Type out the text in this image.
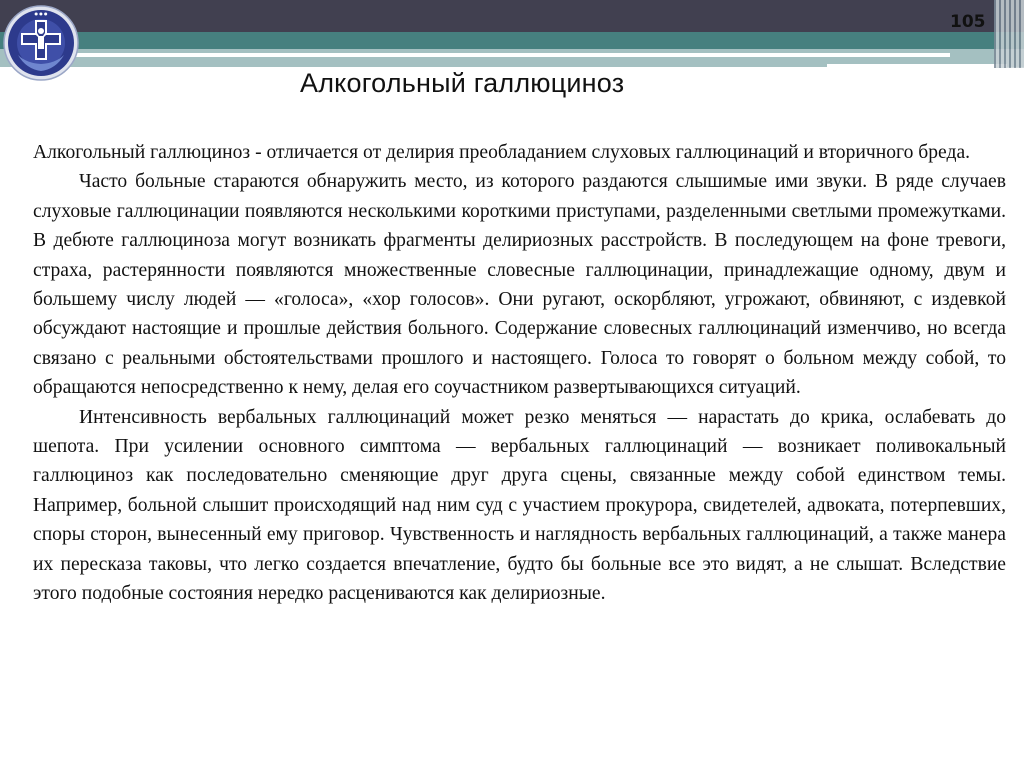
105
● ● ●
Алкогольный галлюциноз

Алкогольный галлюциноз - отличается от делирия преобладанием слуховых галлюцинаций и вторичного бреда.

Часто больные стараются обнаружить место, из которого раздаются слышимые ими звуки. В ряде случаев слуховые галлюцинации появляются несколькими короткими приступами, разделенными светлыми промежутками. В дебюте галлюциноза могут возникать фрагменты делириозных расстройств. В последующем на фоне тревоги, страха, растерянности появляются множественные словесные галлюцинации, принадлежащие одному, двум и большему числу людей — «голоса», «хор голосов». Они ругают, оскорбляют, угрожают, обвиняют, с издевкой обсуждают настоящие и прошлые действия больного. Содержание словесных галлюцинаций изменчиво, но всегда связано с реальными обстоятельствами прошлого и настоящего. Голоса то говорят о больном между собой, то обращаются непосредственно к нему, делая его соучастником развертывающихся ситуаций.

Интенсивность вербальных галлюцинаций может резко меняться — нарастать до крика, ослабевать до шепота. При усилении основного симптома — вербальных галлюцинаций — возникает поливокальный галлюциноз как последовательно сменяющие друг друга сцены, связанные между собой единством темы. Например, больной слышит происходящий над ним суд с участием прокурора, свидетелей, адвоката, потерпевших, споры сторон, вынесенный ему приговор. Чувственность и наглядность вербальных галлюцинаций, а также манера их пересказа таковы, что легко создается впечатление, будто бы больные все это видят, а не слышат. Вследствие этого подобные состояния нередко расцениваются как делириозные.
